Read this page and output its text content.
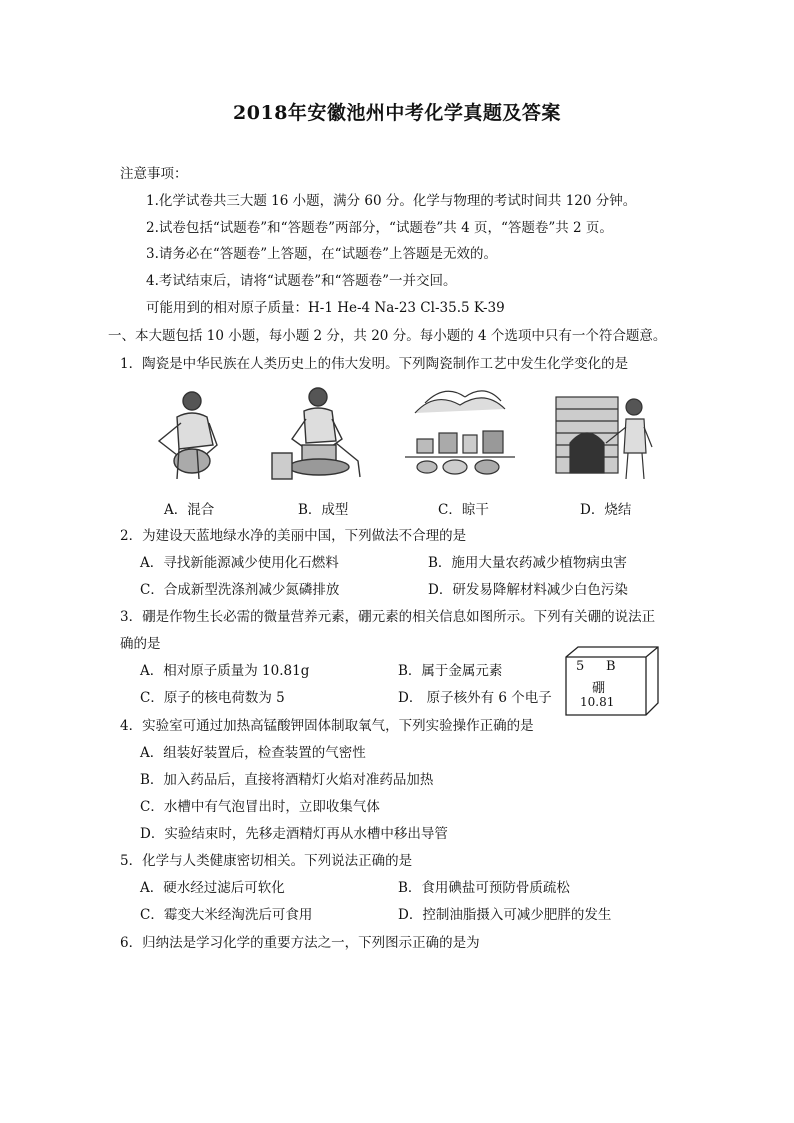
2018年安徽池州中考化学真题及答案
注意事项：
1.化学试卷共三大题 16 小题，满分 60 分。化学与物理的考试时间共 120 分钟。
2.试卷包括“试题卷”和“答题卷”两部分，“试题卷”共 4 页，“答题卷”共 2 页。
3.请务必在“答题卷”上答题，在“试题卷”上答题是无效的。
4.考试结束后，请将“试题卷”和“答题卷”一并交回。
可能用到的相对原子质量：H-1 He-4 Na-23 Cl-35.5 K-39
一、本大题包括 10 小题，每小题 2 分，共 20 分。每小题的 4 个选项中只有一个符合题意。
1．陶瓷是中华民族在人类历史上的伟大发明。下列陶瓷制作工艺中发生化学变化的是
A．混合	B．成型	C．晾干	D．烧结
2．为建设天蓝地绿水净的美丽中国，下列做法不合理的是
A．寻找新能源减少使用化石燃料	B．施用大量农药减少植物病虫害
C．合成新型洗涤剂减少氮磷排放	D．研发易降解材料减少白色污染
3．硼是作物生长必需的微量营养元素，硼元素的相关信息如图所示。下列有关硼的说法正
确的是
A．相对原子质量为 10.81g	B．属于金属元素
C．原子的核电荷数为 5	D． 原子核外有 6 个电子
5 B
硼
10.81
4．实验室可通过加热高锰酸钾固体制取氧气，下列实验操作正确的是
A．组装好装置后，检查装置的气密性
B．加入药品后，直接将酒精灯火焰对准药品加热
C．水槽中有气泡冒出时，立即收集气体
D．实验结束时，先移走酒精灯再从水槽中移出导管
5．化学与人类健康密切相关。下列说法正确的是
A．硬水经过滤后可软化	B．食用碘盐可预防骨质疏松
C．霉变大米经淘洗后可食用	D．控制油脂摄入可减少肥胖的发生
6．归纳法是学习化学的重要方法之一，下列图示正确的是为
